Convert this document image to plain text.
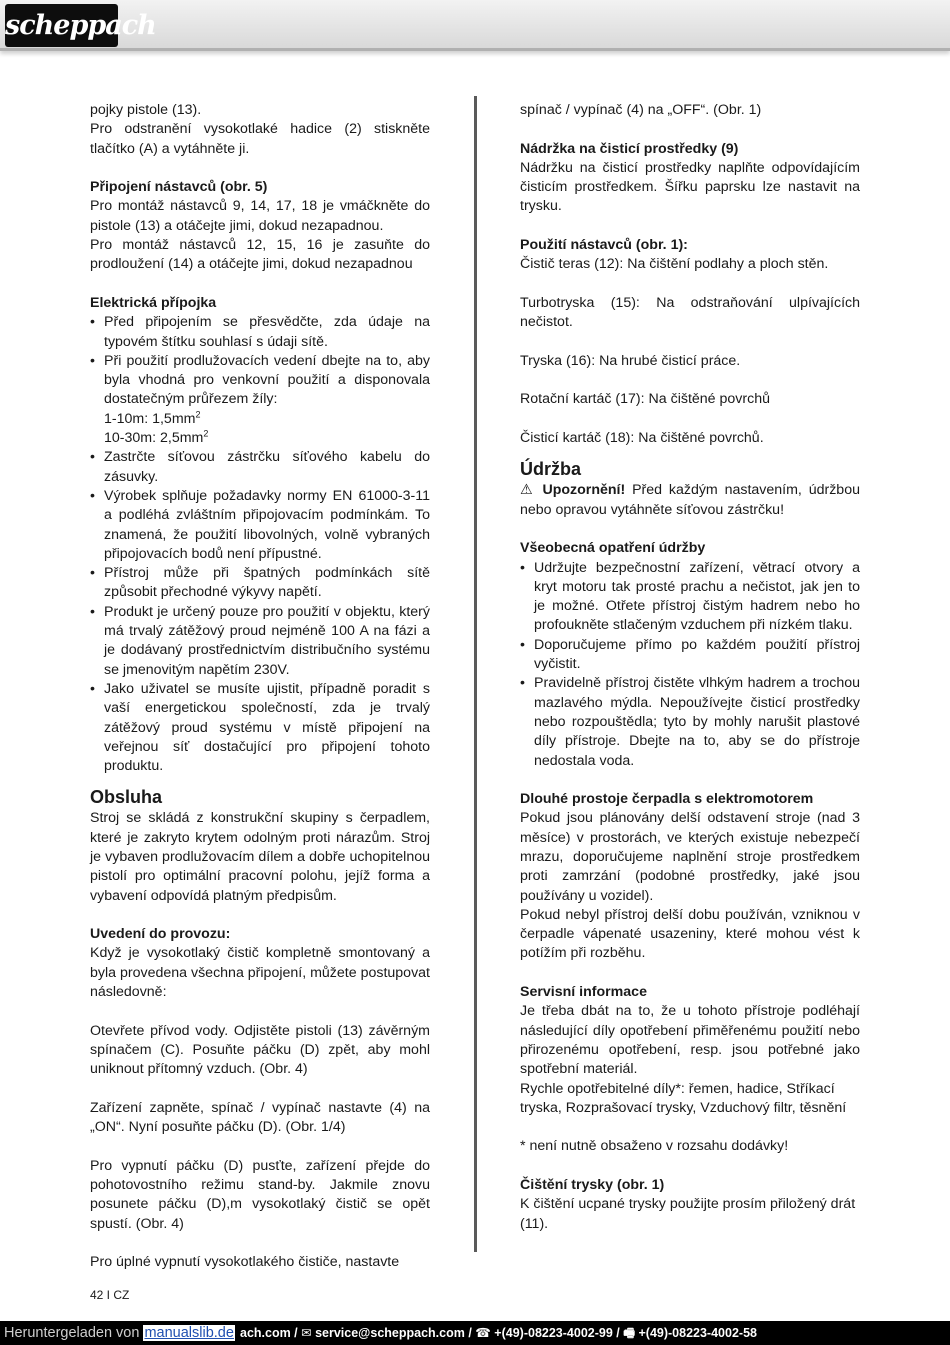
scheppach

pojky pistole (13).

Pro odstranění vysokotlaké hadice (2) stiskněte tlačítko (A) a vytáhněte ji.

Připojení nástavců (obr. 5)

Pro montáž nástavců 9, 14, 17, 18 je vmáčkněte do pistole (13) a otáčejte jimi, dokud nezapadnou.

Pro montáž nástavců 12, 15, 16 je zasuňte do prodloužení (14) a otáčejte jimi, dokud nezapadnou

Elektrická přípojka

• Před připojením se přesvědčte, zda údaje na typovém štítku souhlasí s údaji sítě.
• Při použití prodlužovacích vedení dbejte na to, aby byla vhodná pro venkovní použití a disponovala dostatečným průřezem žíly:
1-10m: $1,5mm^2$
10-30m: $2,5mm^2$
• Zastrčte síťovou zástrčku síťového kabelu do zásuvky.
• Výrobek splňuje požadavky normy EN 61000-3-11 a podléhá zvláštním připojovacím podmínkám. To znamená, že použití libovolných, volně vybraných připojovacích bodů není přípustné.
• Přístroj může při špatných podmínkách sítě způsobit přechodné výkyvy napětí.
• Produkt je určený pouze pro použití v objektu, který má trvalý zátěžový proud nejméně 100 A na fázi a je dodávaný prostřednictvím distribučního systému se jmenovitým napětím 230V.
• Jako uživatel se musíte ujistit, případně poradit s vaší energetickou společností, zda je trvalý zátěžový proud systému v místě připojení na veřejnou síť dostačující pro připojení tohoto produktu.

Obsluha

Stroj se skládá z konstrukční skupiny s čerpadlem, které je zakryto krytem odolným proti nárazům. Stroj je vybaven prodlužovacím dílem a dobře uchopitelnou pistolí pro optimální pracovní polohu, jejíž forma a vybavení odpovídá platným předpisům.

Uvedení do provozu:

Když je vysokotlaký čistič kompletně smontovaný a byla provedena všechna připojení, můžete postupovat následovně:

Otevřete přívod vody. Odjistěte pistoli (13) závěrným spínačem (C). Posuňte páčku (D) zpět, aby mohl uniknout přítomný vzduch. (Obr. 4)

Zařízení zapněte, spínač / vypínač nastavte (4) na „ON“. Nyní posuňte páčku (D). (Obr. 1/4)

Pro vypnutí páčku (D) pusťte, zařízení přejde do pohotovostního režimu stand-by. Jakmile znovu posunete páčku (D),m vysokotlaký čistič se opět spustí. (Obr. 4)

Pro úplné vypnutí vysokotlakého čističe, nastavte

spínač / vypínač (4) na „OFF“. (Obr. 1)

Nádržka na čisticí prostředky (9)

Nádržku na čisticí prostředky naplňte odpovídajícím čisticím prostředkem. Šířku paprsku lze nastavit na trysku.

Použití nástavců (obr. 1):

Čistič teras (12): Na čištění podlahy a ploch stěn.

Turbotryska (15): Na odstraňování ulpívajících nečistot.

Tryska (16): Na hrubé čisticí práce.

Rotační kartáč (17): Na čištěné povrchů

Čisticí kartáč (18): Na čištěné povrchů.

Údržba

⚠ Upozornění! Před každým nastavením, údržbou nebo opravou vytáhněte síťovou zástrčku!

Všeobecná opatření údržby

• Udržujte bezpečnostní zařízení, větrací otvory a kryt motoru tak prosté prachu a nečistot, jak jen to je možné. Otřete přístroj čistým hadrem nebo ho profoukněte stlačeným vzduchem při nízkém tlaku.
• Doporučujeme přímo po každém použití přístroj vyčistit.
• Pravidelně přístroj čistěte vlhkým hadrem a trochou mazlavého mýdla. Nepoužívejte čisticí prostředky nebo rozpouštědla; tyto by mohly narušit plastové díly přístroje. Dbejte na to, aby se do přístroje nedostala voda.

Dlouhé prostoje čerpadla s elektromotorem

Pokud jsou plánovány delší odstavení stroje (nad 3 měsíce) v prostorách, ve kterých existuje nebezpečí mrazu, doporučujeme naplnění stroje prostředkem proti zamrzání (podobné prostředky, jaké jsou používány u vozidel).

Pokud nebyl přístroj delší dobu používán, vzniknou v čerpadle vápenaté usazeniny, které mohou vést k potížím při rozběhu.

Servisní informace

Je třeba dbát na to, že u tohoto přístroje podléhají následující díly opotřebení přiměřenému použití nebo přirozenému opotřebení, resp. jsou potřebné jako spotřební materiál.

Rychle opotřebitelné díly*: řemen, hadice, Stříkací tryska, Rozprašovací trysky, Vzduchový filtr, těsnění

* není nutně obsaženo v rozsahu dodávky!

Čištění trysky (obr. 1)

K čištění ucpané trysky použijte prosím přiložený drát (11).

42 I CZ
ach.com / ✉ service@scheppach.com / ☎ +(49)-08223-4002-99 / 🖷 +(49)-08223-4002-58
Heruntergeladen von manualslib.de
